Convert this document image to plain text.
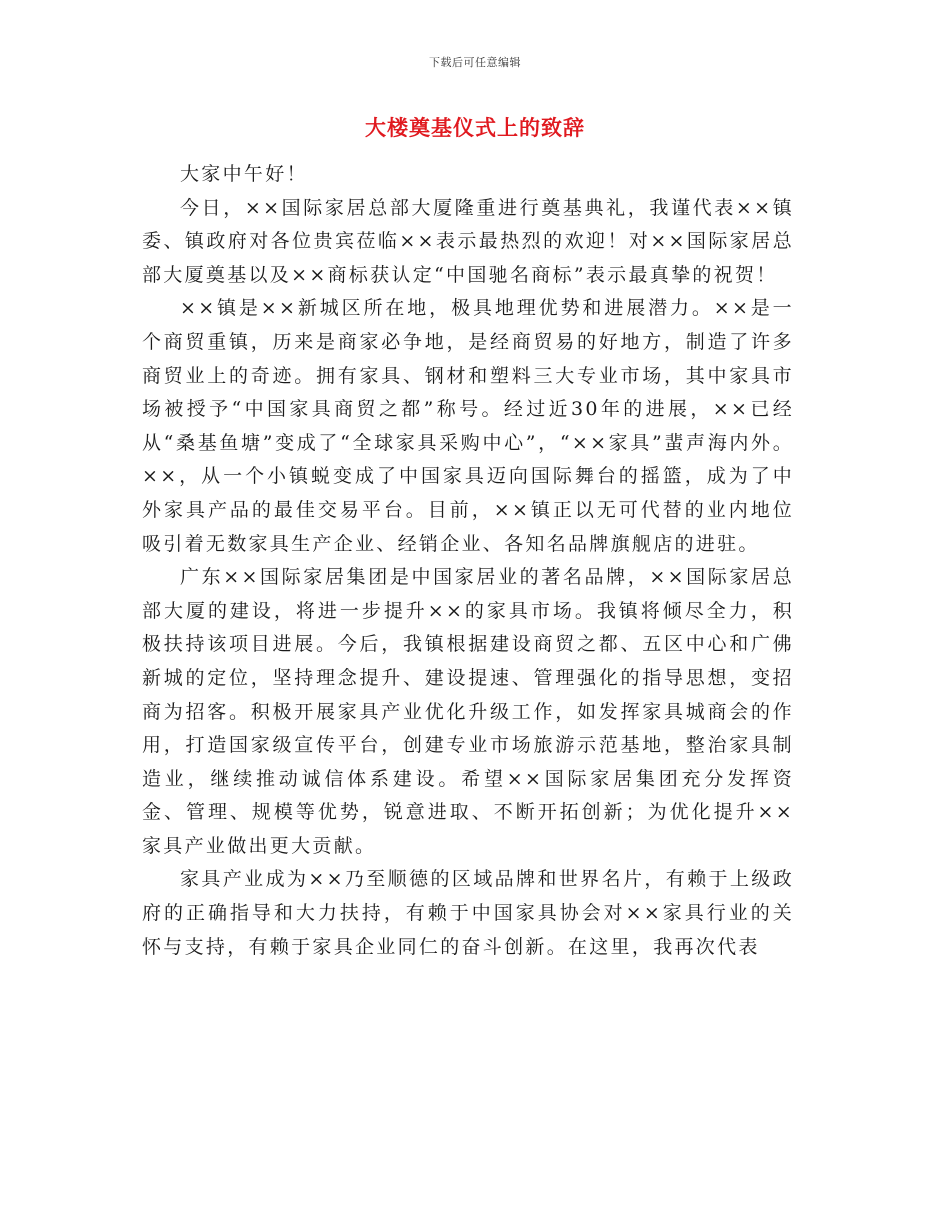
下载后可任意编辑
大楼奠基仪式上的致辞

大家中午好！

今日，××国际家居总部大厦隆重进行奠基典礼，我谨代表××镇委、镇政府对各位贵宾莅临××表示最热烈的欢迎！对××国际家居总部大厦奠基以及××商标获认定“中国驰名商标”表示最真挚的祝贺！

××镇是××新城区所在地，极具地理优势和进展潜力。××是一个商贸重镇，历来是商家必争地，是经商贸易的好地方，制造了许多商贸业上的奇迹。拥有家具、钢材和塑料三大专业市场，其中家具市场被授予“中国家具商贸之都”称号。经过近30年的进展，××已经从“桑基鱼塘”变成了“全球家具采购中心”，“××家具”蜚声海内外。××，从一个小镇蜕变成了中国家具迈向国际舞台的摇篮，成为了中外家具产品的最佳交易平台。目前，××镇正以无可代替的业内地位吸引着无数家具生产企业、经销企业、各知名品牌旗舰店的进驻。

广东××国际家居集团是中国家居业的著名品牌，××国际家居总部大厦的建设，将进一步提升××的家具市场。我镇将倾尽全力，积极扶持该项目进展。今后，我镇根据建设商贸之都、五区中心和广佛新城的定位，坚持理念提升、建设提速、管理强化的指导思想，变招商为招客。积极开展家具产业优化升级工作，如发挥家具城商会的作用，打造国家级宣传平台，创建专业市场旅游示范基地，整治家具制造业，继续推动诚信体系建设。希望××国际家居集团充分发挥资金、管理、规模等优势，锐意进取、不断开拓创新；为优化提升××家具产业做出更大贡献。

家具产业成为××乃至顺德的区域品牌和世界名片，有赖于上级政府的正确指导和大力扶持，有赖于中国家具协会对××家具行业的关怀与支持，有赖于家具企业同仁的奋斗创新。在这里，我再次代表
